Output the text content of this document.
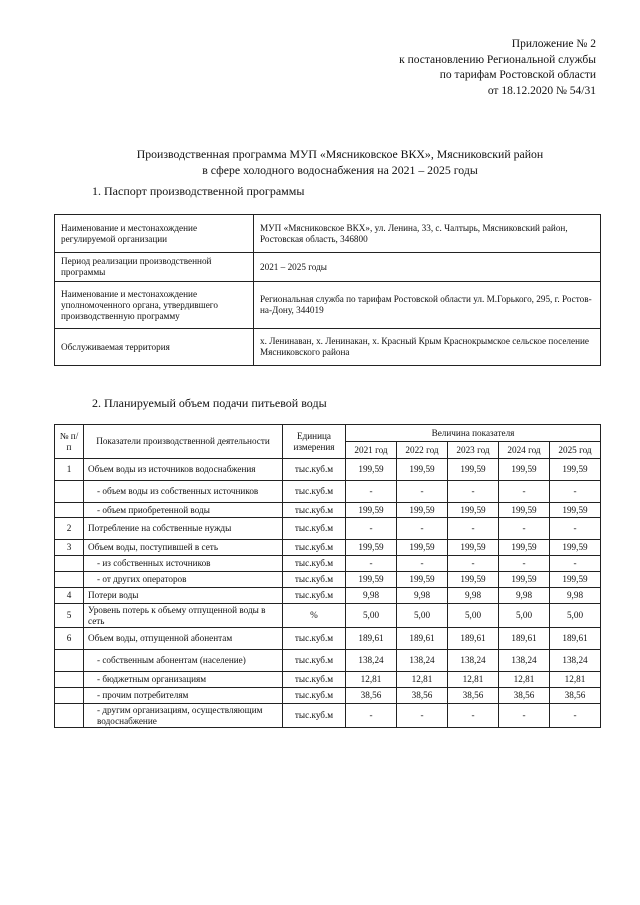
Приложение № 2
к постановлению Региональной службы
по тарифам Ростовской области
от 18.12.2020 № 54/31
Производственная программа МУП «Мясниковское ВКХ», Мясниковский район
в сфере холодного водоснабжения на 2021 – 2025 годы
1. Паспорт производственной программы
Наименование и местонахождение регулируемой организации	МУП «Мясниковское ВКХ», ул. Ленина, 33, с. Чалтырь, Мясниковский район, Ростовская область, 346800
Период реализации производственной программы	2021 – 2025 годы
Наименование и местонахождение уполномоченного органа, утвердившего производственную программу	Региональная служба по тарифам Ростовской области ул. М.Горького, 295, г. Ростов-на-Дону, 344019
Обслуживаемая территория	х. Ленинаван, х. Ленинакан, х. Красный Крым Краснокрымское сельское поселение Мясниковского района
2. Планируемый объем подачи питьевой воды
№ п/п	Показатели производственной деятельности	Единица измерения	Величина показателя				
			2021 год	2022 год	2023 год	2024 год	2025 год
1	Объем воды из источников водоснабжения	тыс.куб.м	199,59	199,59	199,59	199,59	199,59
	- объем воды из собственных источников	тыс.куб.м	-	-	-	-	-
	- объем приобретенной воды	тыс.куб.м	199,59	199,59	199,59	199,59	199,59
2	Потребление на собственные нужды	тыс.куб.м	-	-	-	-	-
3	Объем воды, поступившей в сеть	тыс.куб.м	199,59	199,59	199,59	199,59	199,59
	- из собственных источников	тыс.куб.м	-	-	-	-	-
	- от других операторов	тыс.куб.м	199,59	199,59	199,59	199,59	199,59
4	Потери воды	тыс.куб.м	9,98	9,98	9,98	9,98	9,98
5	Уровень потерь к объему отпущенной воды в сеть	%	5,00	5,00	5,00	5,00	5,00
6	Объем воды, отпущенной абонентам	тыс.куб.м	189,61	189,61	189,61	189,61	189,61
	- собственным абонентам (население)	тыс.куб.м	138,24	138,24	138,24	138,24	138,24
	- бюджетным организациям	тыс.куб.м	12,81	12,81	12,81	12,81	12,81
	- прочим потребителям	тыс.куб.м	38,56	38,56	38,56	38,56	38,56
	- другим организациям, осуществляющим водоснабжение	тыс.куб.м	-	-	-	-	-
